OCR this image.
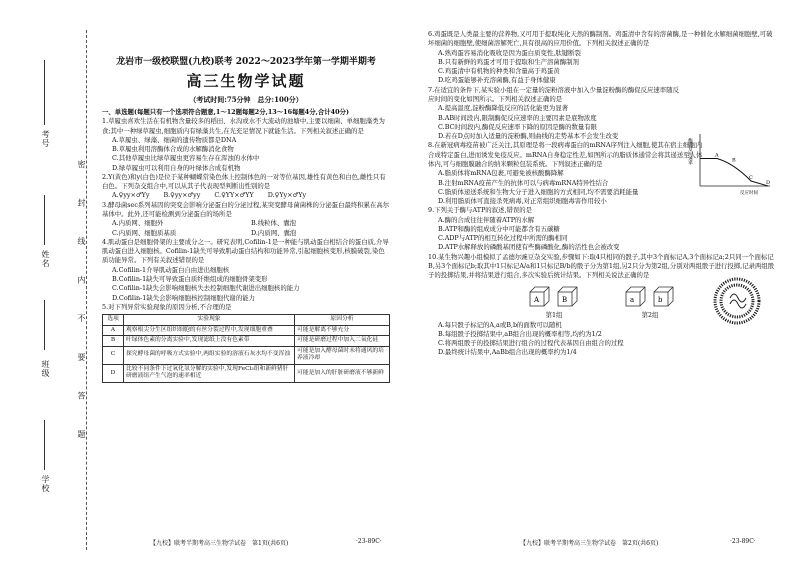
学校
班级
姓名
考号
密 封 线 内 不 要 答 题
龙岩市一级校联盟(九校)联考 2022～2023学年第一学期半期考
高三生物学试题
（考试时间:75分钟　总分:100分）

一、单选题(每题只有一个选项符合题意,1～12题每题2分,13～16每题4分,合计40分)

1.草履虫喜欢生活在有机物含量较多的稻田、水沟或水不大流动的池塘中,主要以细菌、单细胞藻类为食;其中一种绿草履虫,细胞质内有绿藻共生,在光充足情况下就能生活。下列相关叙述正确的是

A.草履虫、绿藻、细菌的遗传物质都是DNA

B.草履虫利用溶酶体合成的水解酶消化食物

C.其他草履虫比绿草履虫更容易生存在浑浊的水体中

D.绿草履虫可以利用自身的叶绿体合成有机物

2.Y(黄色)和y(白色)是位于某种蝴蝶常染色体上控制体色的一对等位基因,雄性有黄色和白色,雌性只有白色。下列杂交组合中,可以从其子代表现型判断出性别的是

A.♀yy×♂Yy B.♀yy×♂yy C.♀YY×♂YY D.♀Yy×♂Yy

3.酵母菌sec系列基因的突变会影响分泌蛋白的分泌过程,某突变酵母菌菌株的分泌蛋白最终积累在高尔基体中。此外,还可能检测到分泌蛋白的场所是

A.内质网、细胞外	B.线粒体、囊泡
C.内质网、细胞质基质	D.内质网、囊泡

4.肌动蛋白是细胞骨架的主要成分之一。研究表明,Cofilin-1是一种能与肌动蛋白相结合的蛋白质,介导肌动蛋白进入细胞核。Cofilin-1缺失可导致肌动蛋白结构和功能异常,引起细胞核变形,核膜破裂,染色质功能异常。下列有关叙述错误的是

A.Cofilin-1介导肌动蛋白自由进出细胞核

B.Cofilin-1缺失可导致蛋白质纤维组成的细胞骨架变形

C.Cofilin-1缺失会影响细胞核失去控制细胞代谢进出细胞核的能力

D.Cofilin-1缺失会影响细胞核控制细胞代谢的能力

5.对下列异常实验现象的原因分析,不合理的是

选项	实验现象	原因分析
A	观察根尖分生区组织细胞的有丝分裂过程中,发现细胞重叠	可能是解离不够充分
B	叶绿体色素的分离实验中,发现滤纸上没有色素带	可能是研磨过程中加入二氧化硅
C	探究酵母菌的呼吸方式实验中,两组实验的溶液石灰水均不变浑浊	可能是加入酵母菌时未将通风的培养液冷却
D	比较不同条件下过氧化氢分解的实验中,发现FeCl₃组和新鲜猪肝研磨液组产生气泡的速率相近	可能是加入的肝脏研磨液不够新鲜

6.鸡蛋既是人类最主要的营养物,又可用于提取纯化天然的酶制剂。鸡蛋清中含有的溶菌酶,是一种催化水解细菌细胞壁,可破坏细菌的细胞壁,使细菌溶解死亡,具有很高的应用价值。下列相关叙述正确的是

A.熟鸡蛋容易消化吸收是因为蛋白质变性,肽键断裂

B.只有新鲜的鸡蛋才可用于提取和生产溶菌酶制剂

C.鸡蛋清中有机物的种类和含量高于鸡蛋黄

D.吃鸡蛋能够补充溶菌酶,有益于身体健康

7.在适宜的条件下,某实验小组在一定量的淀粉溶液中加入少量淀粉酶的酶促反应速率随反应时间的变化如图所示。下列相关叙述正确的是

A.提高温度,淀粉酶降低反应的活化能更为显著

B.AB时间段内,限制酶促反应速率的主要因素是底物浓度

C.BC时间段内,酶促反应速率下降的原因是酶的数量有限

D.若在D点时加入适量的淀粉酶,则曲线的走势基本不会发生改变

8.在新冠病毒疫苗被广泛关注,其原理是将一段病毒蛋白的mRNA序列注入细胞,使其在宿主细胞内合成特定蛋白,进而诱发免疫反应。mRNA自身稳定性差,如图所示的脂质体通常会将其递送至人体体内,可与细胞膜融合的纳米颗粒包装系统。下列叙述正确的是

A.脂质体将mRNA包裹,可避免被核酸酶降解

B.注射mRNA疫苗产生的抗体可以与病毒mRNA特异性结合

C.脂质体递送系统和生物大分子进入细胞的方式相同,均不需要消耗能量

D.利用脂质体可直接杀死病毒,对正常组织细胞毒害作用较小

9.下列关于酶与ATP的叙述,错误的是

A.酶的合成往往伴随着ATP的水解

B.ATP和酶的组成成分中可能都含有五碳糖

C.ADP与ATP的相互转化过程中所需的酶相同

D.ATP水解释放的磷酸基团使有些酶磷酸化,酶的活性也会被改变

10.某生物兴趣小组模拟了孟德尔豌豆杂交实验,步骤如下:取4只相同的骰子,其中3个面标记A,3个面标记a;2只同一个面标记B,另3个面标记b;取其中1只标记A/a和1只标记B/b的骰子分为第1组,另2只分为第2组,分别对两组骰子进行投掷,记录两组骰子的投掷结果,并将结果进行组合,多次实验后统计结果。下列相关说法正确的是

A	B
第1组
a	b
第2组

A.每只骰子标记的A,a或B,b的面数可以随机

B.每组骰子投掷结果中,aB组合出现的概率相等,均约为1/2

C.将两组骰子的投掷结果进行组合的过程代表基因自由组合的过程

D.最终统计结果中,AaBb组合出现的概率约为1/4

A
B
C
D
酶促反应速率
反应时间
【九校】联考半期考高三生物学试卷　第1页(共6页)	·23-89C·	【九校】联考半期考高三生物学试卷　第2页(共6页)	·23-89C·
